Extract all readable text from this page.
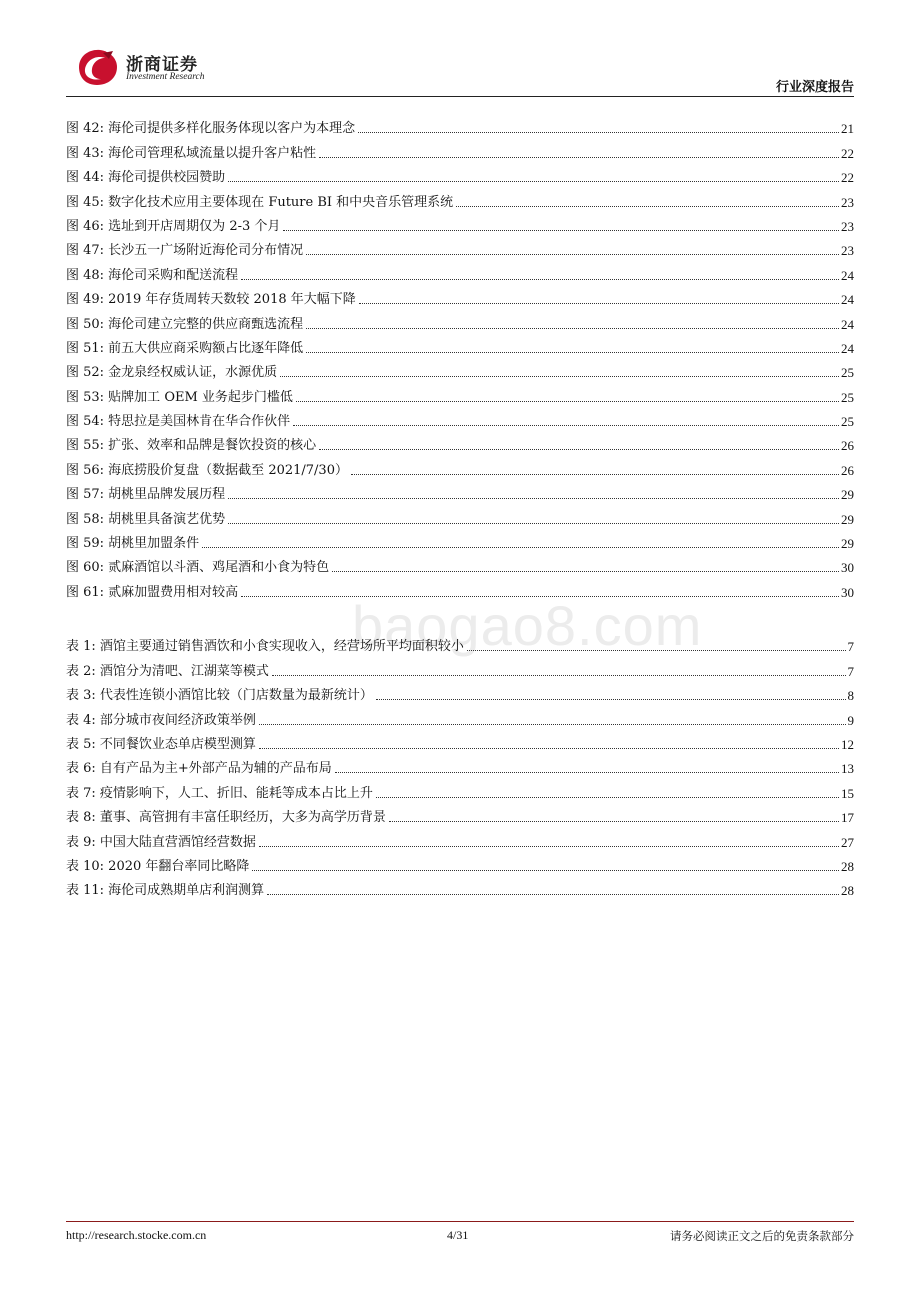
浙商证券
Investment Research
行业深度报告
baogao8.com
图 42: 海伦司提供多样化服务体现以客户为本理念	21
图 43: 海伦司管理私域流量以提升客户粘性	22
图 44: 海伦司提供校园赞助	22
图 45: 数字化技术应用主要体现在 Future BI 和中央音乐管理系统	23
图 46: 选址到开店周期仅为 2-3 个月	23
图 47: 长沙五一广场附近海伦司分布情况	23
图 48: 海伦司采购和配送流程	24
图 49: 2019 年存货周转天数较 2018 年大幅下降	24
图 50: 海伦司建立完整的供应商甄选流程	24
图 51: 前五大供应商采购额占比逐年降低	24
图 52: 金龙泉经权威认证，水源优质	25
图 53: 贴牌加工 OEM 业务起步门槛低	25
图 54: 特思拉是美国林肯在华合作伙伴	25
图 55: 扩张、效率和品牌是餐饮投资的核心	26
图 56: 海底捞股价复盘（数据截至 2021/7/30）	26
图 57: 胡桃里品牌发展历程	29
图 58: 胡桃里具备演艺优势	29
图 59: 胡桃里加盟条件	29
图 60: 贰麻酒馆以斗酒、鸡尾酒和小食为特色	30
图 61: 贰麻加盟费用相对较高	30
表 1: 酒馆主要通过销售酒饮和小食实现收入，经营场所平均面积较小	7
表 2: 酒馆分为清吧、江湖菜等模式	7
表 3: 代表性连锁小酒馆比较（门店数量为最新统计）	8
表 4: 部分城市夜间经济政策举例	9
表 5: 不同餐饮业态单店模型测算	12
表 6: 自有产品为主+外部产品为辅的产品布局	13
表 7: 疫情影响下，人工、折旧、能耗等成本占比上升	15
表 8: 董事、高管拥有丰富任职经历，大多为高学历背景	17
表 9: 中国大陆直营酒馆经营数据	27
表 10: 2020 年翻台率同比略降	28
表 11: 海伦司成熟期单店利润测算	28
http://research.stocke.com.cn	4/31	请务必阅读正文之后的免责条款部分
